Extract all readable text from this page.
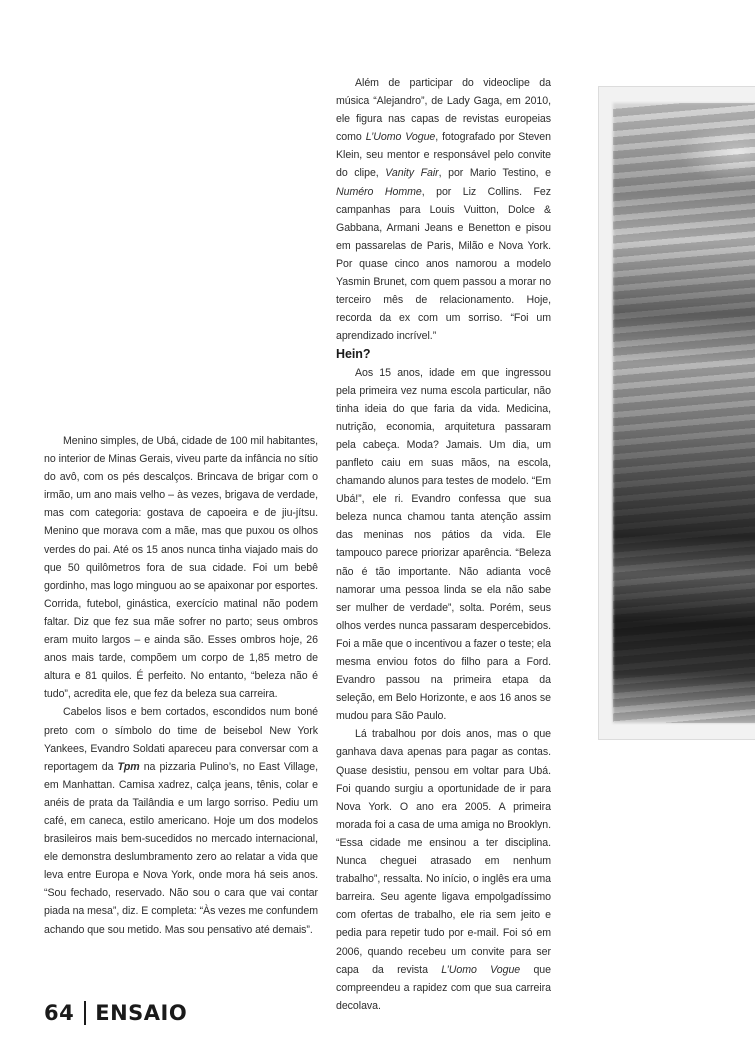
Menino simples, de Ubá, cidade de 100 mil habitantes, no interior de Minas Gerais, viveu parte da infância no sítio do avô, com os pés descalços. Brincava de brigar com o irmão, um ano mais velho – às vezes, brigava de verdade, mas com categoria: gostava de capoeira e de jiu-jítsu. Menino que morava com a mãe, mas que puxou os olhos verdes do pai. Até os 15 anos nunca tinha viajado mais do que 50 quilômetros fora de sua cidade. Foi um bebê gordinho, mas logo minguou ao se apaixonar por esportes. Corrida, futebol, ginástica, exercício matinal não podem faltar. Diz que fez sua mãe sofrer no parto; seus ombros eram muito largos – e ainda são. Esses ombros hoje, 26 anos mais tarde, compõem um corpo de 1,85 metro de altura e 81 quilos. É perfeito. No entanto, “beleza não é tudo”, acredita ele, que fez da beleza sua carreira.

Cabelos lisos e bem cortados, escondidos num boné preto com o símbolo do time de beisebol New York Yankees, Evandro Soldati apareceu para conversar com a reportagem da Tpm na pizzaria Pulino’s, no East Village, em Manhattan. Camisa xadrez, calça jeans, tênis, colar e anéis de prata da Tailândia e um largo sorriso. Pediu um café, em caneca, estilo americano. Hoje um dos modelos brasileiros mais bem-sucedidos no mercado internacional, ele demonstra deslumbramento zero ao relatar a vida que leva entre Europa e Nova York, onde mora há seis anos. “Sou fechado, reservado. Não sou o cara que vai contar piada na mesa”, diz. E completa: “Às vezes me confundem achando que sou metido. Mas sou pensativo até demais”.

Além de participar do videoclipe da música “Alejandro”, de Lady Gaga, em 2010, ele figura nas capas de revistas europeias como L’Uomo Vogue, fotografado por Steven Klein, seu mentor e responsável pelo convite do clipe, Vanity Fair, por Mario Testino, e Numéro Homme, por Liz Collins. Fez campanhas para Louis Vuitton, Dolce & Gabbana, Armani Jeans e Benetton e pisou em passarelas de Paris, Milão e Nova York. Por quase cinco anos namorou a modelo Yasmin Brunet, com quem passou a morar no terceiro mês de relacionamento. Hoje, recorda da ex com um sorriso. “Foi um aprendizado incrível.”

Hein?

Aos 15 anos, idade em que ingressou pela primeira vez numa escola particular, não tinha ideia do que faria da vida. Medicina, nutrição, economia, arquitetura passaram pela cabeça. Moda? Jamais. Um dia, um panfleto caiu em suas mãos, na escola, chamando alunos para testes de modelo. “Em Ubá!”, ele ri. Evandro confessa que sua beleza nunca chamou tanta atenção assim das meninas nos pátios da vida. Ele tampouco parece priorizar aparência. “Beleza não é tão importante. Não adianta você namorar uma pessoa linda se ela não sabe ser mulher de verdade”, solta. Porém, seus olhos verdes nunca passaram despercebidos. Foi a mãe que o incentivou a fazer o teste; ela mesma enviou fotos do filho para a Ford. Evandro passou na primeira etapa da seleção, em Belo Horizonte, e aos 16 anos se mudou para São Paulo.

Lá trabalhou por dois anos, mas o que ganhava dava apenas para pagar as contas. Quase desistiu, pensou em voltar para Ubá. Foi quando surgiu a oportunidade de ir para Nova York. O ano era 2005. A primeira morada foi a casa de uma amiga no Brooklyn. “Essa cidade me ensinou a ter disciplina. Nunca cheguei atrasado em nenhum trabalho”, ressalta. No início, o inglês era uma barreira. Seu agente ligava empolgadíssimo com ofertas de trabalho, ele ria sem jeito e pedia para repetir tudo por e-mail. Foi só em 2006, quando recebeu um convite para ser capa da revista L’Uomo Vogue que compreendeu a rapidez com que sua carreira decolava.

64 ENSAIO
